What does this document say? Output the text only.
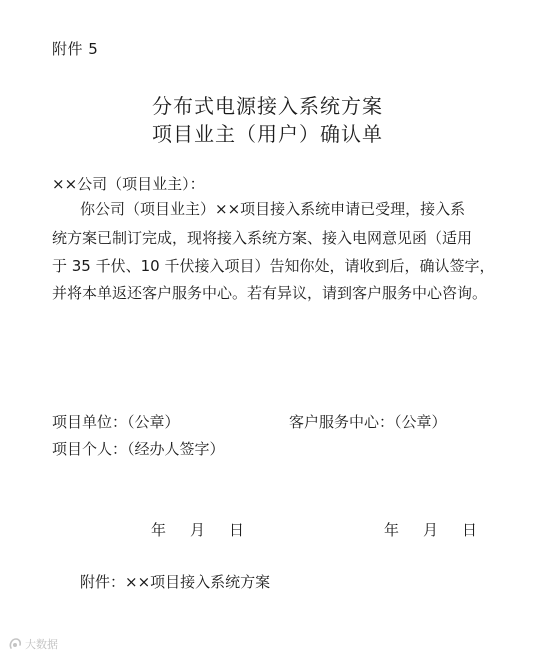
附件 5
分布式电源接入系统方案
项目业主（用户）确认单
××公司（项目业主）：
你公司（项目业主）××项目接入系统申请已受理，接入系
统方案已制订完成，现将接入系统方案、接入电网意见函（适用
于 35 千伏、10 千伏接入项目）告知你处，请收到后，确认签字，
并将本单返还客户服务中心。若有异议，请到客户服务中心咨询。
项目单位：（公章）	客户服务中心：（公章）
项目个人：（经办人签字）
年 月 日	年 月 日
附件：××项目接入系统方案
大数据
